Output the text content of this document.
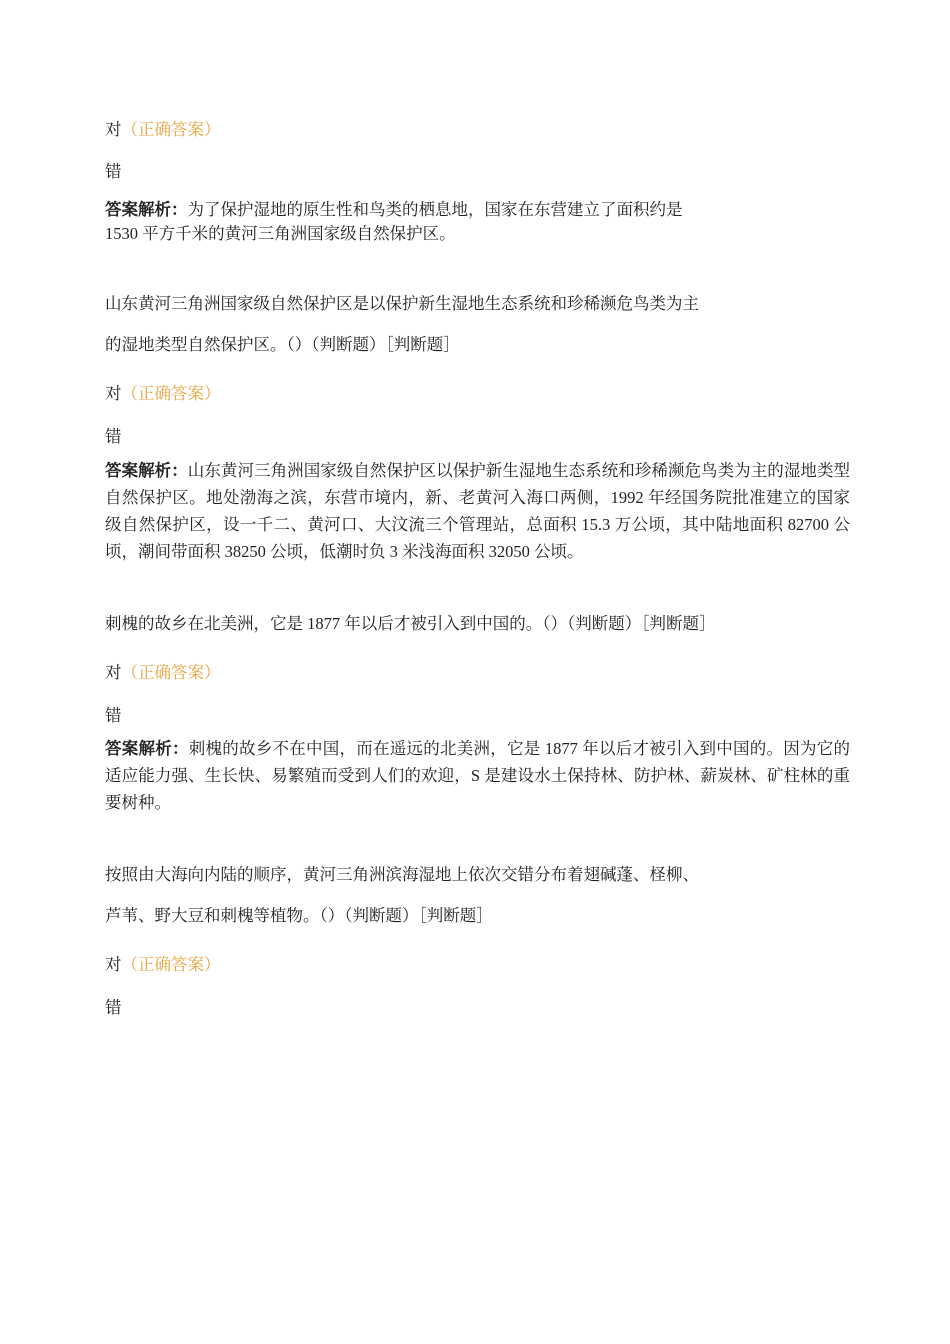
对（正确答案）
错
答案解析：为了保护湿地的原生性和鸟类的栖息地，国家在东营建立了面积约是
1530 平方千米的黄河三角洲国家级自然保护区。
山东黄河三角洲国家级自然保护区是以保护新生湿地生态系统和珍稀濒危鸟类为主
的湿地类型自然保护区。（）（判断题）［判断题］
对（正确答案）
错
答案解析：山东黄河三角洲国家级自然保护区以保护新生湿地生态系统和珍稀濒危鸟类为主的湿地类型自然保护区。地处渤海之滨，东营市境内，新、老黄河入海口两侧，1992 年经国务院批准建立的国家级自然保护区，设一千二、黄河口、大汶流三个管理站，总面积 15.3 万公顷，其中陆地面积 82700 公顷，潮间带面积 38250 公顷，低潮时负 3 米浅海面积 32050 公顷。
刺槐的故乡在北美洲，它是 1877 年以后才被引入到中国的。（）（判断题）［判断题］
对（正确答案）
错
答案解析：刺槐的故乡不在中国，而在遥远的北美洲，它是 1877 年以后才被引入到中国的。因为它的适应能力强、生长快、易繁殖而受到人们的欢迎，S 是建设水土保持林、防护林、薪炭林、矿柱林的重要树种。
按照由大海向内陆的顺序，黄河三角洲滨海湿地上依次交错分布着翅碱蓬、柽柳、
芦苇、野大豆和刺槐等植物。（）（判断题）［判断题］
对（正确答案）
错
